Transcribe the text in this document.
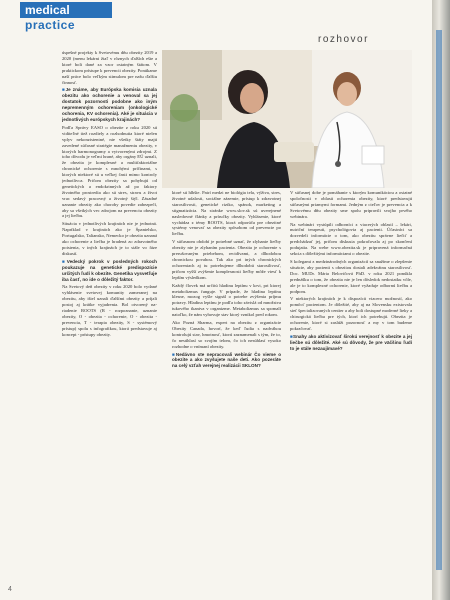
medical
practice
rozhovor

úspešné projekty k Svetovému dňu obezity 2019 a 2020 (menu lekárni žiaľ v rôznych ďalších ešte a ktoré boli dané za vzor ostatným štátom. V praktickom prístupe k prevencii obezity. Ponúkame naší práce bolo veľkým stimulom pre našu ďalšiu činnosť.

■ Je známe, aby Európska komisia uznala obezitu ako ochorenie a venoval sa jej dostatok pozornosti podobne ako iným nepremenným ochoreniam (onkologické ochorenia, KV ochorenia). Aké je situácia v jednotlivých európskych krajinách?

Podľa Správy EASO o obezite z roku 2020 sú viditeľné tiež rozdiely a rozhodnutia ktoré nielen vplyv nekonzistentné, nie všetky štáty majú zavedené súčasné stratégie manažmentu obezity, v ktorých harmonogramy a vytvorenými zdrojmi. Z toho dôvodu je veľmi hrané, aby orgány EÚ uznali, že obezita je komplexné a multifaktoriálne chronické ochorenie s mnohými príčinami, s ktorých niektoré sú u veľkej časti mimo kontroly jednotlivca. Pričom obezity sa pohybujú od genetických a endokrinných až po faktory životného prostredia ako sú stres, stravu a život vrac sedavý pracovný a životný štýl. Zásadné uznanie obezity ako choroby povedie zabezpečí, aby sa všetkých vec zdrojom na prevenciu obezity a jej liečbu.

Situácia v jednotlivých krajinách nie je jednotná. Napríklad v krajinách ako je Španielsko, Portugalsko, Taliansko, Nemecko je obezita uznaná ako ochorenie a liečba je hradená zo zdravotného poistenia, v iných krajinách je to stále vo fáze diskusií.

■ Vedecký pokrok v posledných rokoch poukazuje na genetické predispozície určitých ľudí k obezite. Genetika vysvetľuje iba časť, no ide o dôležitý faktor.

Na Svetový deň obezity v roku 2020 bolo vydané vyhlásenie svetovej komunity zameranej na obezitu, aby išiel uznali ďalšími obezity a príjali postoj aj krátke vyjadrenia. Bol otvorený na-riadenie ROOTS (R - rozpoznanie, uznanie obezity, O - obezita - ochorenie, O - obezita - prevencia, T - terapia obezity, S - systémový prístup) spolu s infografikou, ktorá predstavuje aj koncept - prístupy obezity.

ktoré sú hlbšie. Patrí medzi ne biológia tela, výživa, stres, životné udalosti, sociálne zázemie, prístup k zdravotnej starostlivosti, genetické riziko, spánok, marketing a stigmatizácia. Na stránke www.slov.sk sú uverejnené nasledovné články a príručky obezity. Vyhlásenie, ktoré vychádza z témy ROOTS, ktorá odporúča pre obezitné systémy venovať sa obezity spôsobom od prevencie po liečbu.

V súčasnom období je potrebné uznať, že zlyhanie liečby obezity nie je zlyhaním pacienta. Obezita je ochorenie s prerušovaným priebehom, recidívami, a dlhodobou chronickou povahou. Tak ako pri iných chronických ochoreniach aj tu potrebujeme dlhodobú starostlivosť, pričom vyšší zvýšenie komplexnosti liečby môže viesť k lepším výsledkom.

Každý človek má určitú hladinu leptínu v krvi, pri ktorej metabolizmus funguje. V prípade, že hladina leptínu klesne, mozog vyšle signál o potrebe zvýšenia príjmu potravy. Hladina leptínu je podľa toho závislá od množstva tukového tkaniva v organizme. Metabolizmus sa spomalí natoľko, že nám vyhovuje stav ktorý vznikol pred rokom.

Ako Pozná Sharma, expert na obezitu z organizácie Obesity Canada, hovorí, že keď ľudia s nadváhou kontrolujú stav, hmotnosť, ktorú zaznamenali s tým, že to, čo nesúhlasí so svojím telom, čo ich nesúhlasí vysoko rozhodne o vnímaní obezity.

■ Nedávno ste nepracovali webinár Čo vieme o obezite a ako zvyšujete naše deti. Ako pozeráte na celý vzťah verejnej realizácii SKLON?

V súčasnej dobe je pomáhanie s ktorým komunikáciou a ostatné spoločnosti v oblasti ochorenia obezity, ktoré predstavujú súčasnými priamymi formami. Jedným z cieľov je prevencia a k Svetovému dňu obezity sme spolu pripravili svojho prvého webinára.

Na webinári vystúpili odborníci z viacerých oblastí – lekári, nutriční terapeuti, psychológovia aj pacienti. Účastníci sa dozvedeli informácie o tom, ako obezitu správne liečiť a predchádzať jej, pričom diskusia pokračovala aj po skončení podujatia. Na webe www.obezita.sk je pripravená informačná sekcia s dôležitými informáciami o obezite.

S kolegami z medzinárodných organizácií sa snažíme o zlepšenie situácie, aby pacienti s obezitou dostali adekvátnu starostlivosť. Doc. MUDr. Mária Belovičová PhD. v roku 2021 ponúkla prednášku o tom, že obezita nie je len dôsledok nedostatku vôle, ale je to komplexné ochorenie, ktoré vyžaduje odbornú liečbu a podporu.

V niektorých krajinách je k dispozícii viacero možností, ako pomôcť pacientom. Je dôležité, aby aj na Slovensku existovala sieť špecializovaných centier a aby boli dostupné moderné lieky a chirurgická liečba pre tých, ktorí ich potrebujú. Obezita je ochorenie, ktoré si zaslúži pozornosť a my v tom budeme pokračovať.

■ Snahy ako aktivizovať širokú verejnosť k obezite a jej liečbe sú dôležité. Aké sú dôvody, že pre väčšinu ľudí to je stále nezaujímavé?

4
